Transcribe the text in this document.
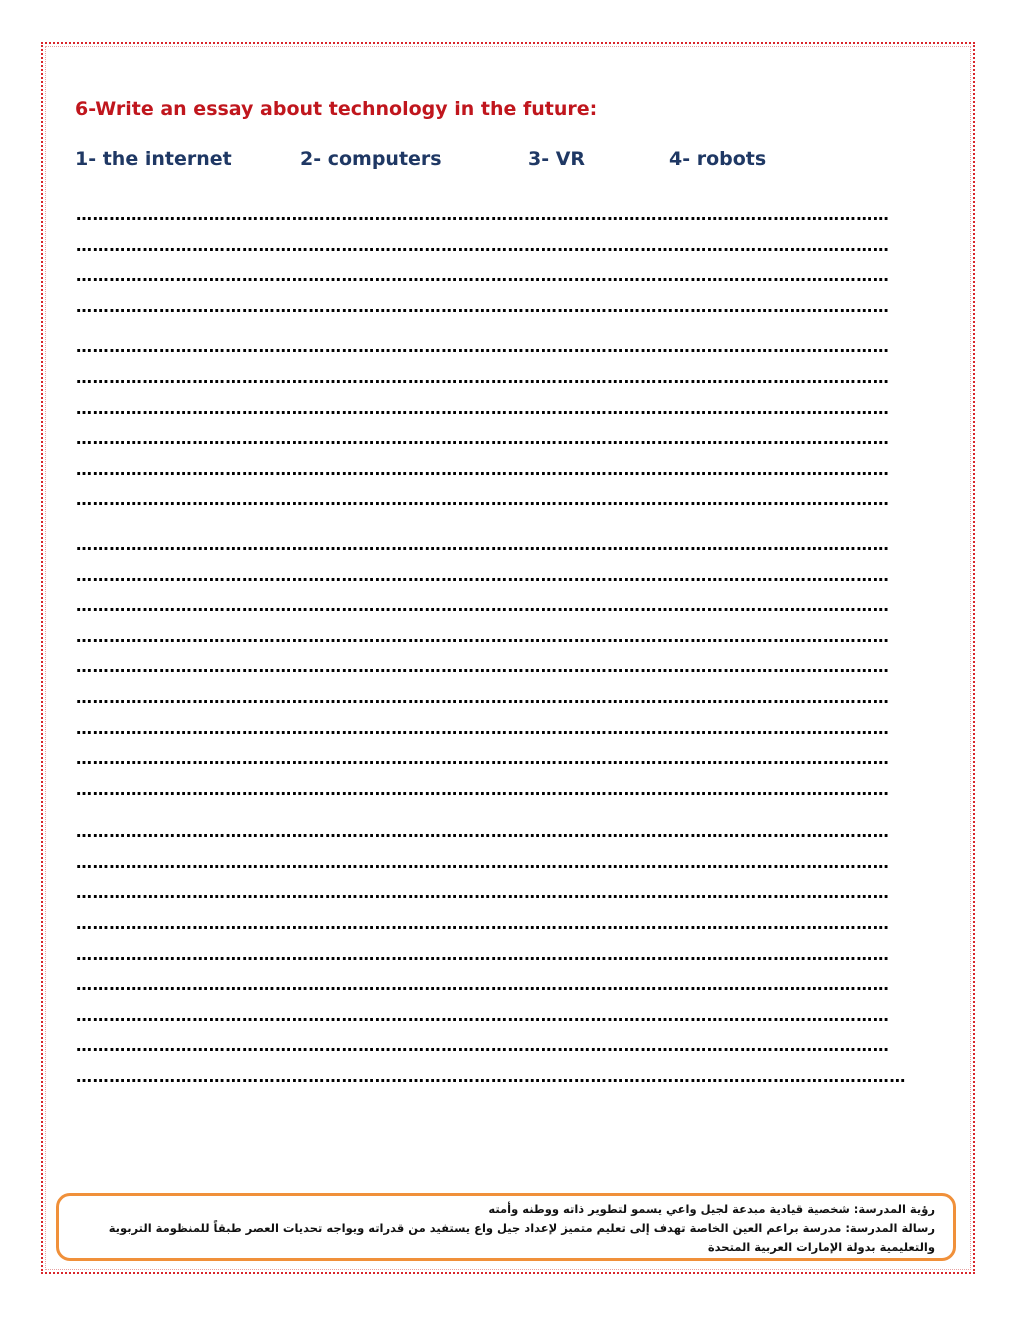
6-Write an essay about technology in the future:
1- the internet	2- computers	3- VR	4- robots
…………………………………………………………………………………………………………………………………
…………………………………………………………………………………………………………………………………
…………………………………………………………………………………………………………………………………
…………………………………………………………………………………………………………………………………
…………………………………………………………………………………………………………………………………
…………………………………………………………………………………………………………………………………
…………………………………………………………………………………………………………………………………
…………………………………………………………………………………………………………………………………
…………………………………………………………………………………………………………………………………
…………………………………………………………………………………………………………………………………
…………………………………………………………………………………………………………………………………
…………………………………………………………………………………………………………………………………
…………………………………………………………………………………………………………………………………
…………………………………………………………………………………………………………………………………
…………………………………………………………………………………………………………………………………
…………………………………………………………………………………………………………………………………
…………………………………………………………………………………………………………………………………
…………………………………………………………………………………………………………………………………
…………………………………………………………………………………………………………………………………
…………………………………………………………………………………………………………………………………
…………………………………………………………………………………………………………………………………
…………………………………………………………………………………………………………………………………
…………………………………………………………………………………………………………………………………
…………………………………………………………………………………………………………………………………
…………………………………………………………………………………………………………………………………
…………………………………………………………………………………………………………………………………
…………………………………………………………………………………………………………………………………
……………………………………………………………………………………………………………………………………

رؤية المدرسة: شخصية قيادية مبدعة لجيل واعي يسمو لتطوير ذاته ووطنه وأمته

رسالة المدرسة: مدرسة براعم العين الخاصة تهدف إلى تعليم متميز لإعداد جيل واع يستفيد من قدراته ويواجه تحديات العصر طبقاً للمنظومة التربوية والتعليمية بدولة الإمارات العربية المتحدة
